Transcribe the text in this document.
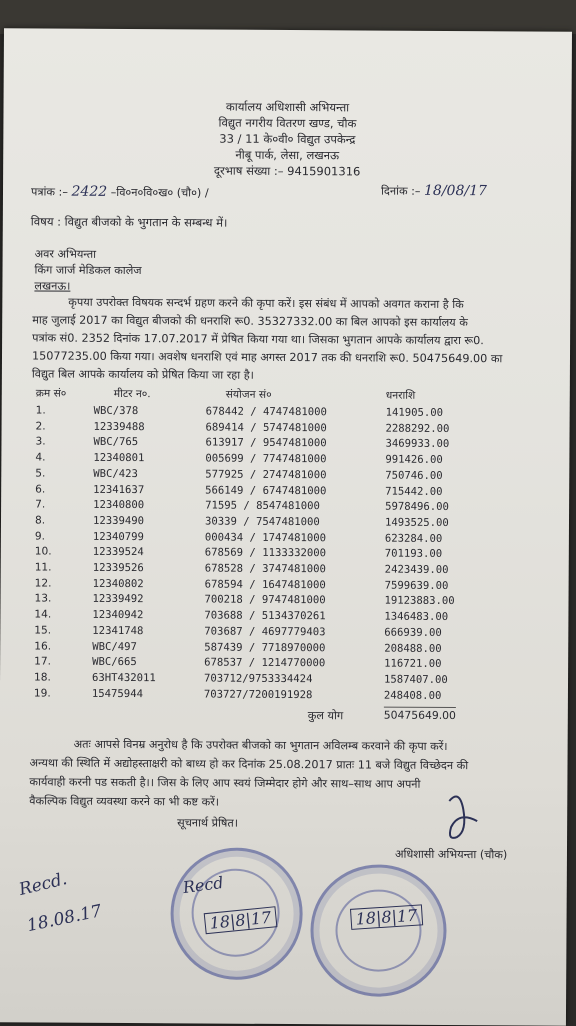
कार्यालय अधिशासी अभियन्ता
विद्युत नगरीय वितरण खण्ड, चौक
33 / 11 के०वी० विद्युत उपकेन्द्र
नीबू पार्क, लेसा, लखनऊ
दूरभाष संख्या :– 9415901316
पत्रांक :– 2422 –वि०न०वि०ख० (चौ०) /	दिनांक :– 18/08/17
विषय : विद्युत बीजको के भुगतान के सम्बन्ध में।
अवर अभियन्ता
किंग जार्ज मेडिकल कालेज
लखनऊ।
कृपया उपरोक्त विषयक सन्दर्भ ग्रहण करने की कृपा करें। इस संबंध में आपको अवगत कराना है कि
माह जुलाई 2017 का विद्युत बीजको की धनराशि रू0. 35327332.00 का बिल आपको इस कार्यालय के
पत्रांक सं0. 2352 दिनांक 17.07.2017 में प्रेषित किया गया था। जिसका भुगतान आपके कार्यालय द्वारा रू0.
15077235.00 किया गया। अवशेष धनराशि एवं माह अगस्त 2017 तक की धनराशि रू0. 50475649.00 का
विद्युत बिल आपके कार्यालय को प्रेषित किया जा रहा है।
क्रम सं०	मीटर न०.	संयोजन सं०	धनराशि
1.	WBC/378	678442 / 4747481000	141905.00
2.	12339488	689414 / 5747481000	2288292.00
3.	WBC/765	613917 / 9547481000	3469933.00
4.	12340801	005699 / 7747481000	991426.00
5.	WBC/423	577925 / 2747481000	750746.00
6.	12341637	566149 / 6747481000	715442.00
7.	12340800	71595 / 8547481000	5978496.00
8.	12339490	30339 / 7547481000	1493525.00
9.	12340799	000434 / 1747481000	623284.00
10.	12339524	678569 / 1133332000	701193.00
11.	12339526	678528 / 3747481000	2423439.00
12.	12340802	678594 / 1647481000	7599639.00
13.	12339492	700218 / 9747481000	19123883.00
14.	12340942	703688 / 5134370261	1346483.00
15.	12341748	703687 / 4697779403	666939.00
16.	WBC/497	587439 / 7718970000	208488.00
17.	WBC/665	678537 / 1214770000	116721.00
18.	63HT432011	703712/9753334424	1587407.00
19.	15475944	703727/7200191928	248408.00
कुल योग	50475649.00
अतः आपसे विनम्र अनुरोध है कि उपरोक्त बीजको का भुगतान अविलम्ब करवाने की कृपा करें।
अन्यथा की स्थिति में अद्योहस्ताक्षरी को बाध्य हो कर दिनांक 25.08.2017 प्रातः 11 बजे विद्युत विच्छेदन की
कार्यवाही करनी पड सकती है।। जिस के लिए आप स्वयं जिम्मेदार होगे और साथ–साथ आप अपनी
वैकल्पिक विद्युत व्यवस्था करने का भी कष्ट करें।
सूचनार्थ प्रेषित।
अधिशासी अभियन्ता (चौक)
Recd.
18.08.17
Recd
18|8|17	18|8|17
